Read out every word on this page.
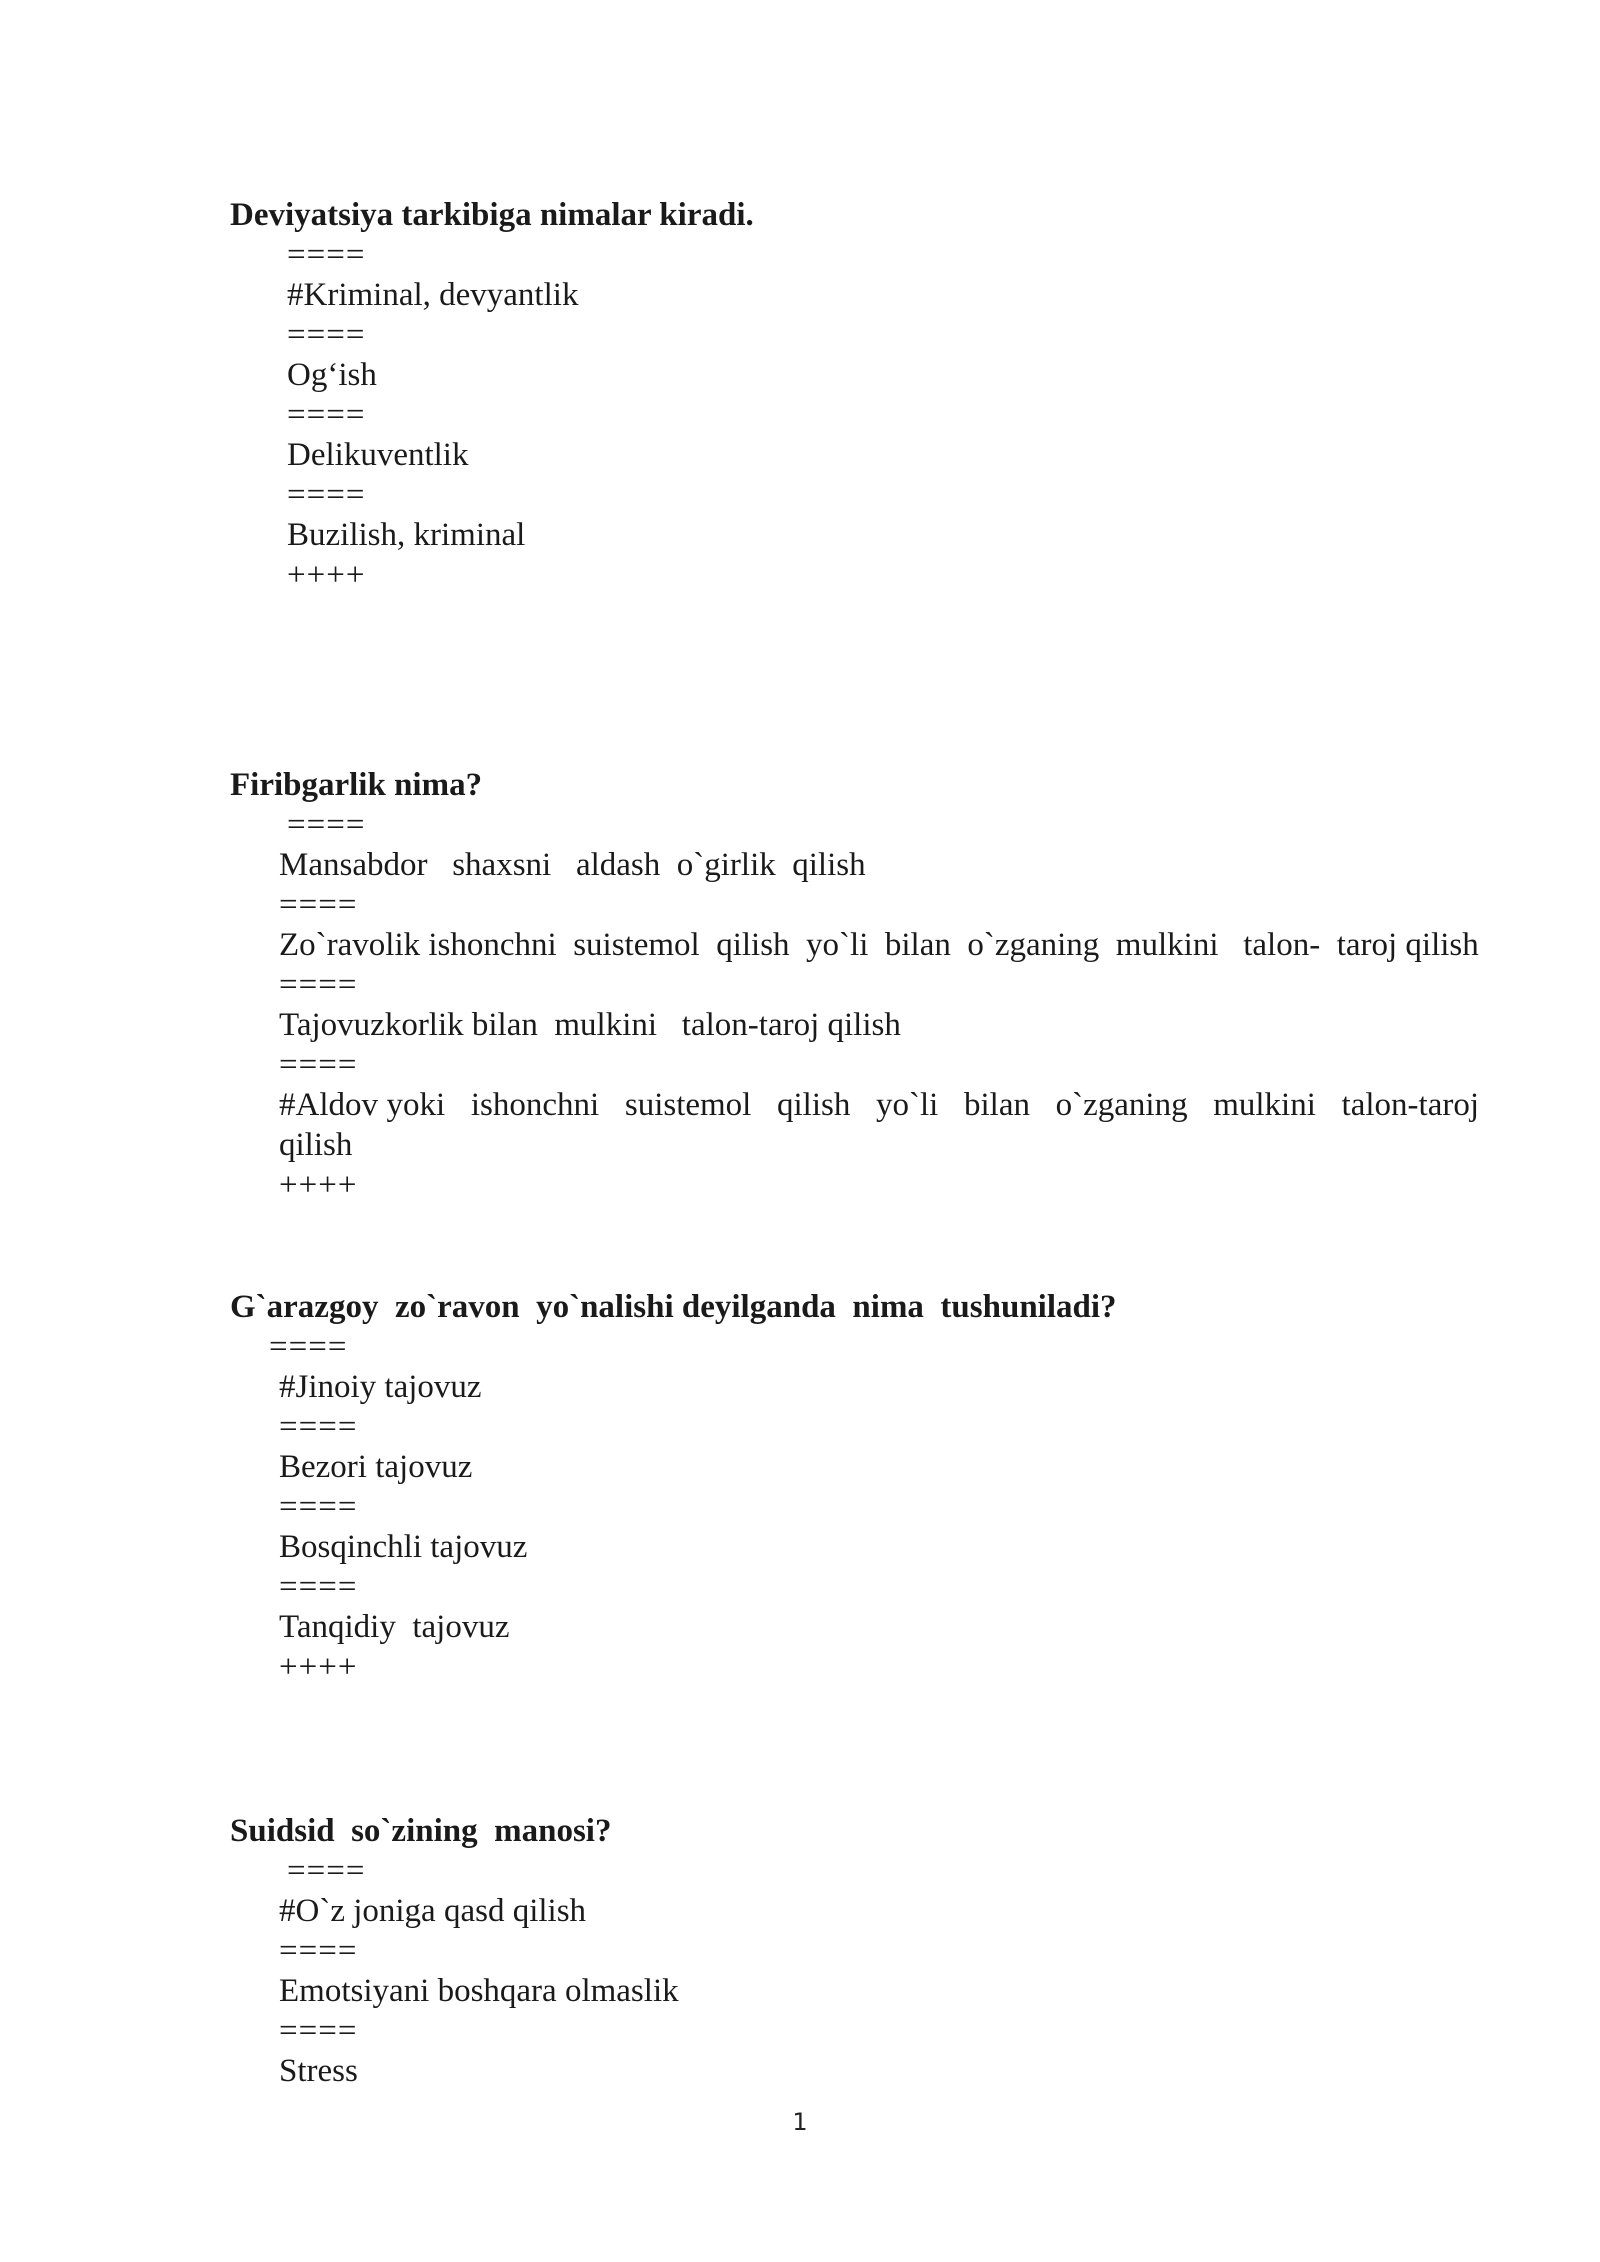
Deviyatsiya tarkibiga nimalar kiradi.

====

#Kriminal, devyantlik

====

Og‘ish

====

Delikuventlik

====

Buzilish, kriminal

++++

Firibgarlik nima?

====

Mansabdor   shaxsni   aldash  o`girlik  qilish

====

Zo`ravolik ishonchni  suistemol  qilish  yo`li  bilan  o`zganing  mulkini   talon-  taroj qilish

====

Tajovuzkorlik bilan  mulkini   talon-taroj qilish

====

#Aldov yoki   ishonchni   suistemol   qilish   yo`li   bilan   o`zganing   mulkini   talon-taroj qilish

++++

G`arazgoy  zo`ravon  yo`nalishi deyilganda  nima  tushuniladi?

====

#Jinoiy tajovuz

====

Bezori tajovuz

====

Bosqinchli tajovuz

====

Tanqidiy  tajovuz

++++

Suidsid  so`zining  manosi?

====

#O`z joniga qasd qilish

====

Emotsiyani boshqara olmaslik

====

Stress

1
